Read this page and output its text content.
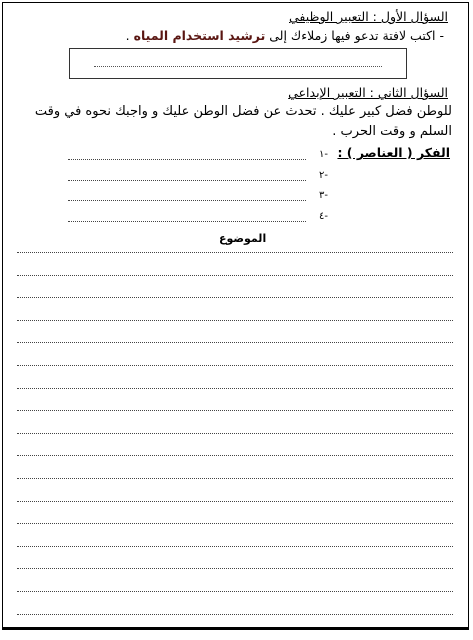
السؤال الأول : التعبير الوظيفي
- اكتب لافتة تدعو فيها زملاءك إلى ترشيد استخدام المياه .
السؤال الثاني : التعبير الإبداعي
للوطن فضل كبير عليك . تحدث عن فضل الوطن عليك و واجبك نحوه في وقت
السلم و وقت الحرب .
الفكر ( العناصر ) :
-١
-٢
-٣
-٤
الموضوع
